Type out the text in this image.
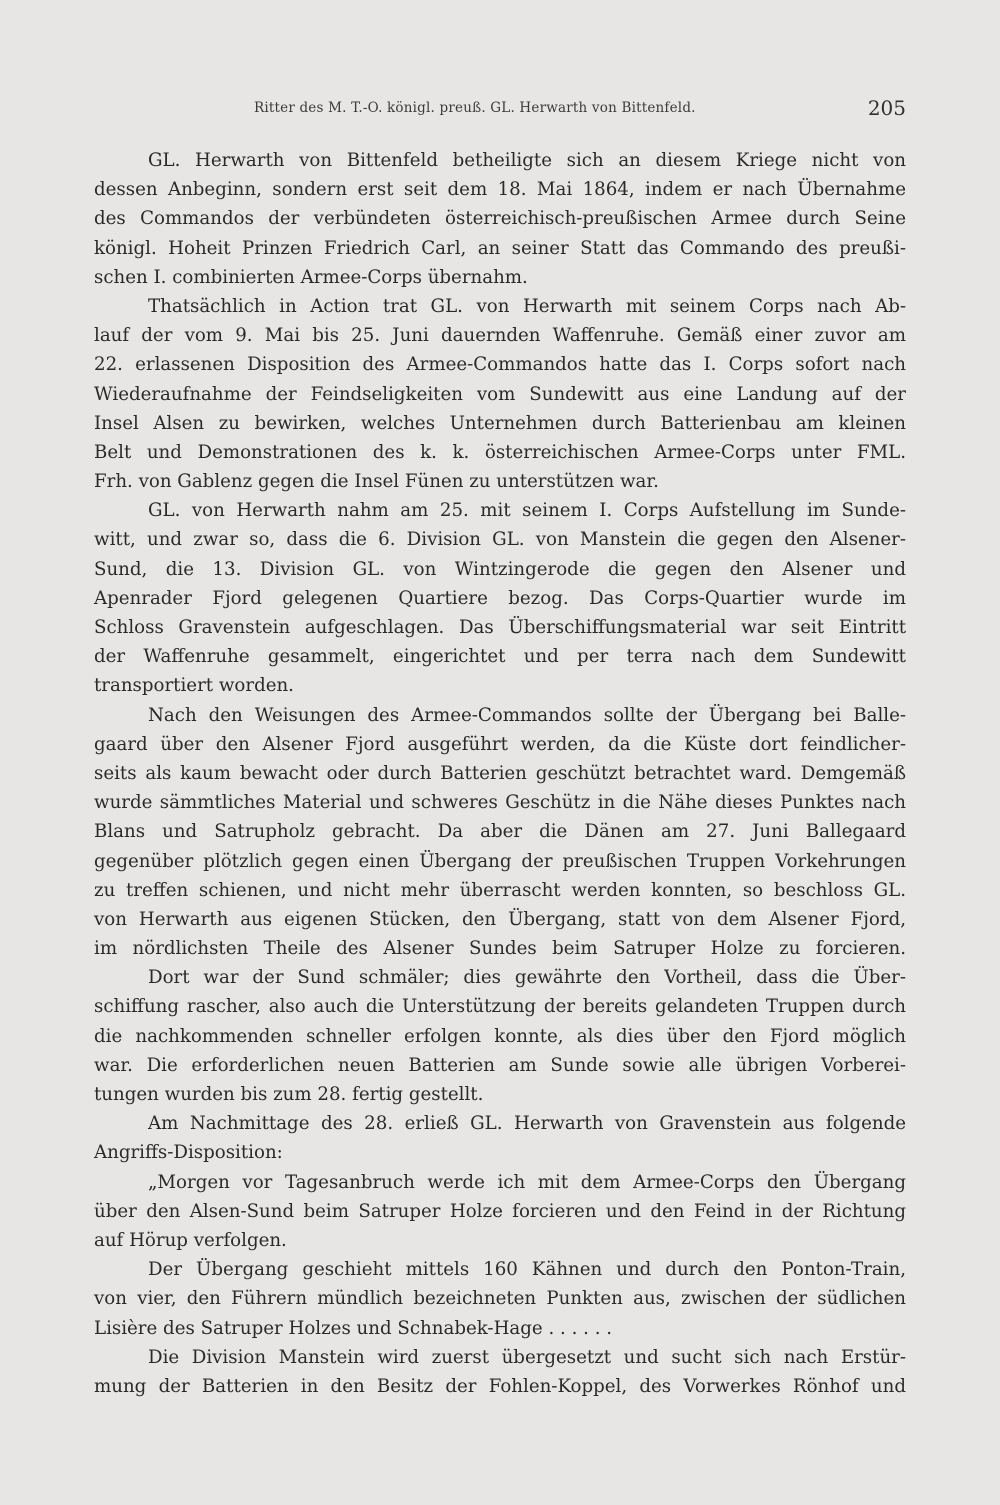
Ritter des M. T.-O. königl. preuß. GL. Herwarth von Bittenfeld.	205
GL. Herwarth von Bittenfeld betheiligte sich an diesem Kriege nicht von
dessen Anbeginn, sondern erst seit dem 18. Mai 1864, indem er nach Übernahme
des Commandos der verbündeten österreichisch-preußischen Armee durch Seine
königl. Hoheit Prinzen Friedrich Carl, an seiner Statt das Commando des preußi-
schen I. combinierten Armee-Corps übernahm.
Thatsächlich in Action trat GL. von Herwarth mit seinem Corps nach Ab-
lauf der vom 9. Mai bis 25. Juni dauernden Waffenruhe. Gemäß einer zuvor am
22. erlassenen Disposition des Armee-Commandos hatte das I. Corps sofort nach
Wiederaufnahme der Feindseligkeiten vom Sundewitt aus eine Landung auf der
Insel Alsen zu bewirken, welches Unternehmen durch Batterienbau am kleinen
Belt und Demonstrationen des k. k. österreichischen Armee-Corps unter FML.
Frh. von Gablenz gegen die Insel Fünen zu unterstützen war.
GL. von Herwarth nahm am 25. mit seinem I. Corps Aufstellung im Sunde-
witt, und zwar so, dass die 6. Division GL. von Manstein die gegen den Alsener-
Sund, die 13. Division GL. von Wintzingerode die gegen den Alsener und
Apenrader Fjord gelegenen Quartiere bezog. Das Corps-Quartier wurde im
Schloss Gravenstein aufgeschlagen. Das Überschiffungsmaterial war seit Eintritt
der Waffenruhe gesammelt, eingerichtet und per terra nach dem Sundewitt
transportiert worden.
Nach den Weisungen des Armee-Commandos sollte der Übergang bei Balle-
gaard über den Alsener Fjord ausgeführt werden, da die Küste dort feindlicher-
seits als kaum bewacht oder durch Batterien geschützt betrachtet ward. Demgemäß
wurde sämmtliches Material und schweres Geschütz in die Nähe dieses Punktes nach
Blans und Satrupholz gebracht. Da aber die Dänen am 27. Juni Ballegaard
gegenüber plötzlich gegen einen Übergang der preußischen Truppen Vorkehrungen
zu treffen schienen, und nicht mehr überrascht werden konnten, so beschloss GL.
von Herwarth aus eigenen Stücken, den Übergang, statt von dem Alsener Fjord,
im nördlichsten Theile des Alsener Sundes beim Satruper Holze zu forcieren.
Dort war der Sund schmäler; dies gewährte den Vortheil, dass die Über-
schiffung rascher, also auch die Unterstützung der bereits gelandeten Truppen durch
die nachkommenden schneller erfolgen konnte, als dies über den Fjord möglich
war. Die erforderlichen neuen Batterien am Sunde sowie alle übrigen Vorberei-
tungen wurden bis zum 28. fertig gestellt.
Am Nachmittage des 28. erließ GL. Herwarth von Gravenstein aus folgende
Angriffs-Disposition:
„Morgen vor Tagesanbruch werde ich mit dem Armee-Corps den Übergang
über den Alsen-Sund beim Satruper Holze forcieren und den Feind in der Richtung
auf Hörup verfolgen.
Der Übergang geschieht mittels 160 Kähnen und durch den Ponton-Train,
von vier, den Führern mündlich bezeichneten Punkten aus, zwischen der südlichen
Lisière des Satruper Holzes und Schnabek-Hage . . . . . .
Die Division Manstein wird zuerst übergesetzt und sucht sich nach Erstür-
mung der Batterien in den Besitz der Fohlen-Koppel, des Vorwerkes Rönhof und
